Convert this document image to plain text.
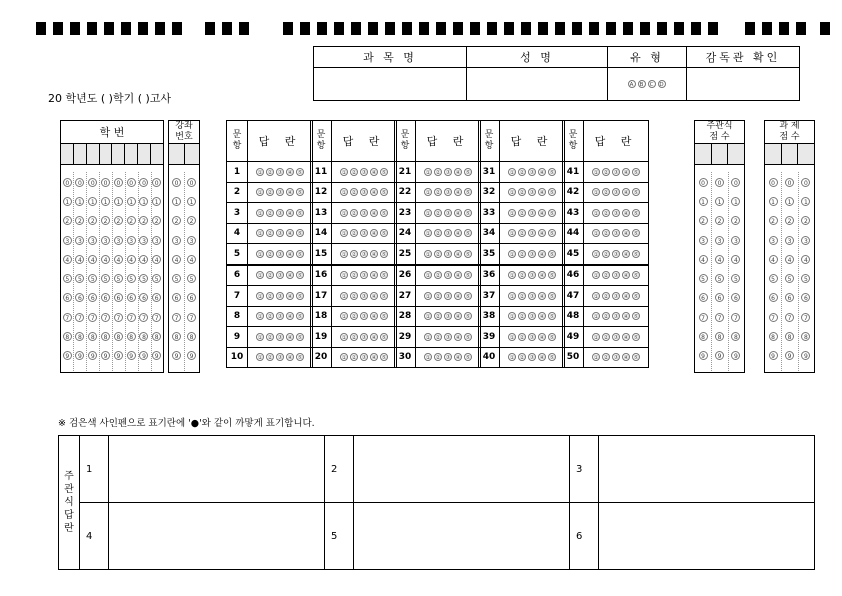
과 목 명	성 명	유 형	감독관 확인
		A B C D	
20 학년도 ( )학기 ( )고사
※ 검은색 사인펜으로 표기란에 '●'와 같이 까맣게 표기합니다.
학 번							

0	0	0	0	0	0	0	0
1	1	1	1	1	1	1	1
2	2	2	2	2	2	2	2
3	3	3	3	3	3	3	3
4	4	4	4	4	4	4	4
5	5	5	5	5	5	5	5
6	6	6	6	6	6	6	6
7	7	7	7	7	7	7	7
8	8	8	8	8	8	8	8
9	9	9	9	9	9	9	9

강좌
번호	

0	0
1	1
2	2
3	3
4	4
5	5
6	6
7	7
8	8
9	9

문
항	답 란
1	① ② ③ ④ ⑤
2	① ② ③ ④ ⑤
3	① ② ③ ④ ⑤
4	① ② ③ ④ ⑤
5	① ② ③ ④ ⑤
6	① ② ③ ④ ⑤
7	① ② ③ ④ ⑤
8	① ② ③ ④ ⑤
9	① ② ③ ④ ⑤
10	① ② ③ ④ ⑤
문
항	답 란
11	① ② ③ ④ ⑤
12	① ② ③ ④ ⑤
13	① ② ③ ④ ⑤
14	① ② ③ ④ ⑤
15	① ② ③ ④ ⑤
16	① ② ③ ④ ⑤
17	① ② ③ ④ ⑤
18	① ② ③ ④ ⑤
19	① ② ③ ④ ⑤
20	① ② ③ ④ ⑤
문
항	답 란
21	① ② ③ ④ ⑤
22	① ② ③ ④ ⑤
23	① ② ③ ④ ⑤
24	① ② ③ ④ ⑤
25	① ② ③ ④ ⑤
26	① ② ③ ④ ⑤
27	① ② ③ ④ ⑤
28	① ② ③ ④ ⑤
29	① ② ③ ④ ⑤
30	① ② ③ ④ ⑤
문
항	답 란
31	① ② ③ ④ ⑤
32	① ② ③ ④ ⑤
33	① ② ③ ④ ⑤
34	① ② ③ ④ ⑤
35	① ② ③ ④ ⑤
36	① ② ③ ④ ⑤
37	① ② ③ ④ ⑤
38	① ② ③ ④ ⑤
39	① ② ③ ④ ⑤
40	① ② ③ ④ ⑤
문
항	답 란
41	① ② ③ ④ ⑤
42	① ② ③ ④ ⑤
43	① ② ③ ④ ⑤
44	① ② ③ ④ ⑤
45	① ② ③ ④ ⑤
46	① ② ③ ④ ⑤
47	① ② ③ ④ ⑤
48	① ② ③ ④ ⑤
49	① ② ③ ④ ⑤
50	① ② ③ ④ ⑤
주관식
점 수		

0	0	0
1	1	1
2	2	2
3	3	3
4	4	4
5	5	5
6	6	6
7	7	7
8	8	8
9	9	9

과 제
점 수		

0	0	0
1	1	1
2	2	2
3	3	3
4	4	4
5	5	5
6	6	6
7	7	7
8	8	8
9	9	9

주
관
식
답
란	1		2		3	
	4		5		6	
